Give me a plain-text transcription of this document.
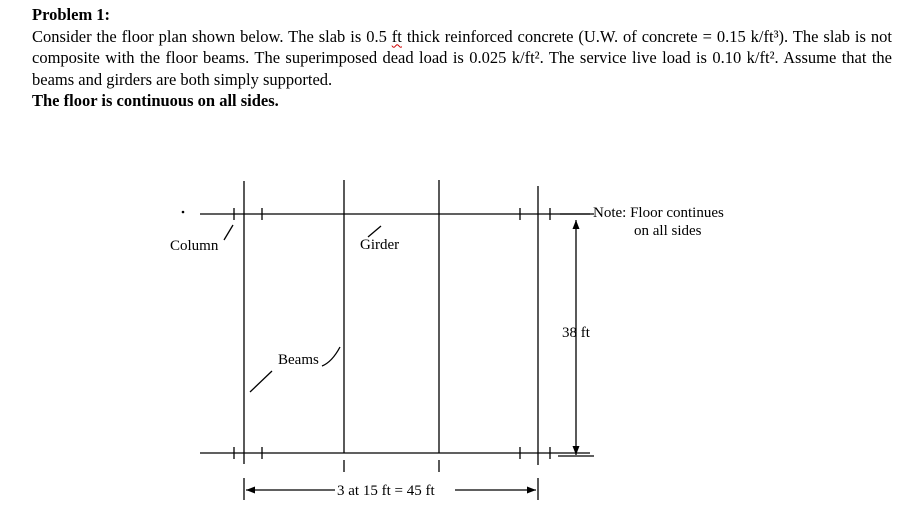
Problem 1:

Consider the floor plan shown below. The slab is 0.5 ft thick reinforced concrete (U.W. of concrete = 0.15 k/ft³). The slab is not composite with the floor beams. The superimposed dead load is 0.025 k/ft². The service live load is 0.10 k/ft². Assume that the beams and girders are both simply supported.

The floor is continuous on all sides.

Column	Girder
Beams
Note: Floor continues
on all sides
38 ft
3 at 15 ft = 45 ft
